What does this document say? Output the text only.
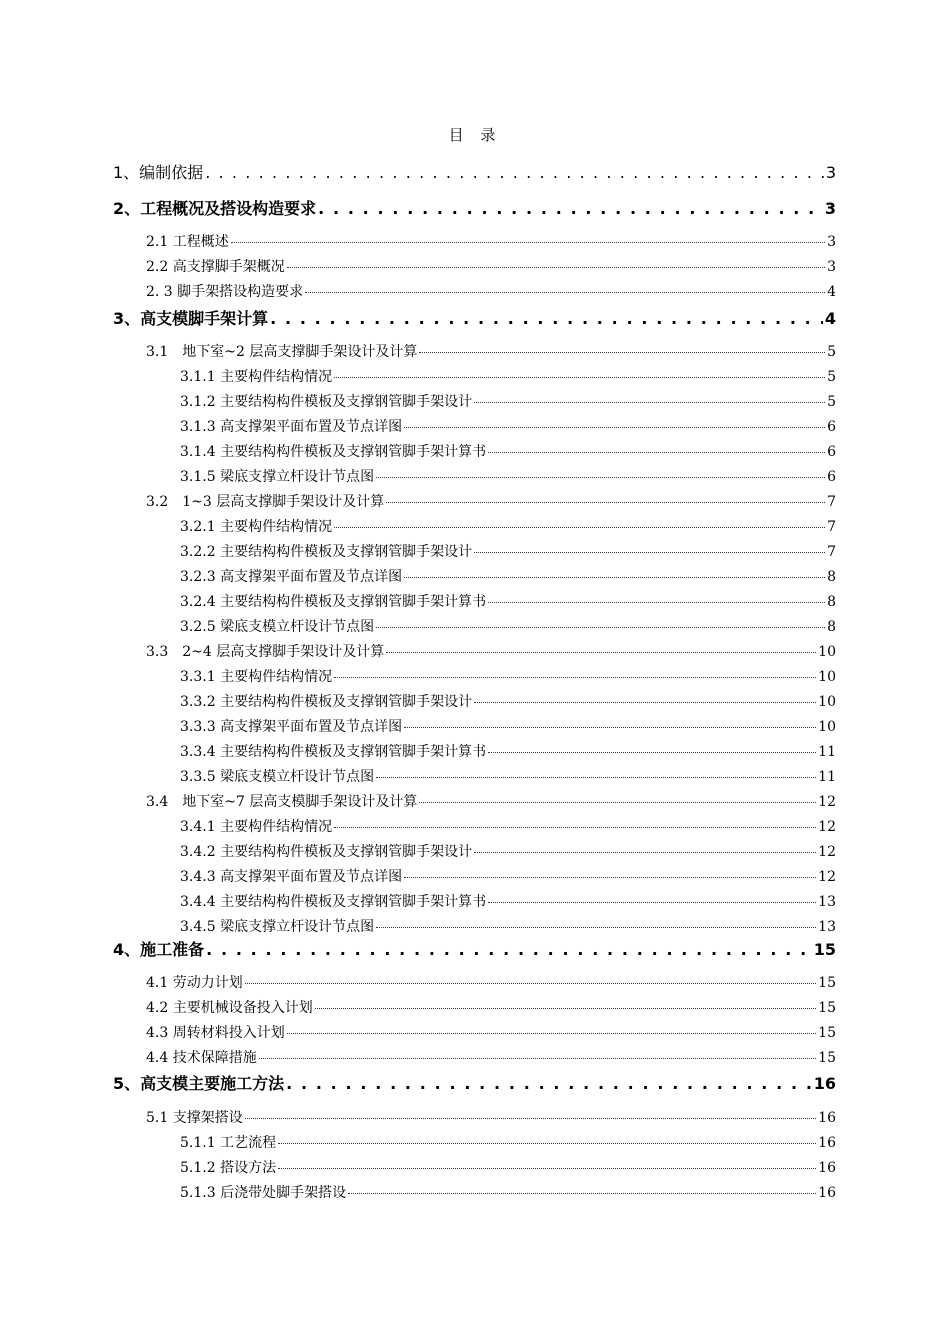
目 录
1、编制依据 . . .	3
2、工程概况及搭设构造要求 . . .	3
2.1 工程概述	3
2.2 高支撑脚手架概况	3
2. 3 脚手架搭设构造要求	4
3、高支模脚手架计算 . . .	4
3.1　地下室~2 层高支撑脚手架设计及计算	5
3.1.1 主要构件结构情况	5
3.1.2 主要结构构件模板及支撑钢管脚手架设计	5
3.1.3 高支撑架平面布置及节点详图	6
3.1.4 主要结构构件模板及支撑钢管脚手架计算书	6
3.1.5 梁底支撑立杆设计节点图	6
3.2　1~3 层高支撑脚手架设计及计算	7
3.2.1 主要构件结构情况	7
3.2.2 主要结构构件模板及支撑钢管脚手架设计	7
3.2.3 高支撑架平面布置及节点详图	8
3.2.4 主要结构构件模板及支撑钢管脚手架计算书	8
3.2.5 梁底支模立杆设计节点图	8
3.3　2~4 层高支撑脚手架设计及计算	10
3.3.1 主要构件结构情况	10
3.3.2 主要结构构件模板及支撑钢管脚手架设计	10
3.3.3 高支撑架平面布置及节点详图	10
3.3.4 主要结构构件模板及支撑钢管脚手架计算书	11
3.3.5 梁底支模立杆设计节点图	11
3.4　地下室~7 层高支模脚手架设计及计算	12
3.4.1 主要构件结构情况	12
3.4.2 主要结构构件模板及支撑钢管脚手架设计	12
3.4.3 高支撑架平面布置及节点详图	12
3.4.4 主要结构构件模板及支撑钢管脚手架计算书	13
3.4.5 梁底支撑立杆设计节点图	13
4、施工准备 . . .	15
4.1 劳动力计划	15
4.2 主要机械设备投入计划	15
4.3 周转材料投入计划	15
4.4 技术保障措施	15
5、高支模主要施工方法 . . .	16
5.1 支撑架搭设	16
5.1.1 工艺流程	16
5.1.2 搭设方法	16
5.1.3 后浇带处脚手架搭设	16
